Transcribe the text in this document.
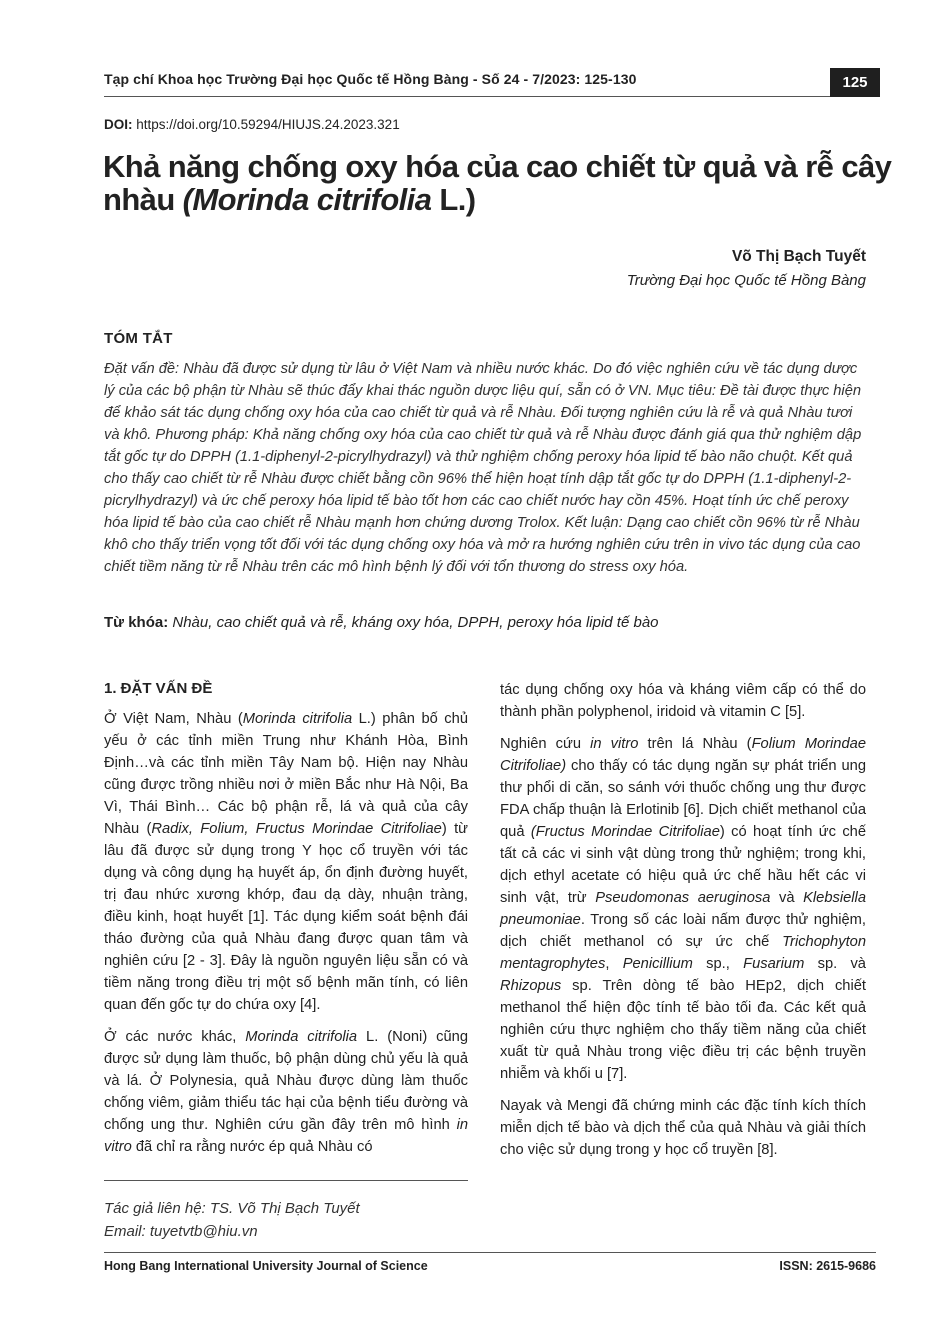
Tạp chí Khoa học Trường Đại học Quốc tế Hồng Bàng - Số 24 - 7/2023: 125-130	125
DOI: https://doi.org/10.59294/HIUJS.24.2023.321
Khả năng chống oxy hóa của cao chiết từ quả và rễ cây nhàu (Morinda citrifolia L.)
Võ Thị Bạch Tuyết
Trường Đại học Quốc tế Hồng Bàng
TÓM TẮT

Đặt vấn đề: Nhàu đã được sử dụng từ lâu ở Việt Nam và nhiều nước khác. Do đó việc nghiên cứu về tác dụng dược lý của các bộ phận từ Nhàu sẽ thúc đẩy khai thác nguồn dược liệu quí, sẵn có ở VN. Mục tiêu: Đề tài được thực hiện để khảo sát tác dụng chống oxy hóa của cao chiết từ quả và rễ Nhàu. Đối tượng nghiên cứu là rễ và quả Nhàu tươi và khô. Phương pháp: Khả năng chống oxy hóa của cao chiết từ quả và rễ Nhàu được đánh giá qua thử nghiệm dập tắt gốc tự do DPPH (1.1-diphenyl-2-picrylhydrazyl) và thử nghiệm chống peroxy hóa lipid tế bào não chuột. Kết quả cho thấy cao chiết từ rễ Nhàu được chiết bằng cồn 96% thể hiện hoạt tính dập tắt gốc tự do DPPH (1.1-diphenyl-2-picrylhydrazyl) và ức chế peroxy hóa lipid tế bào tốt hơn các cao chiết nước hay cồn 45%. Hoạt tính ức chế peroxy hóa lipid tế bào của cao chiết rễ Nhàu mạnh hơn chứng dương Trolox. Kết luận: Dạng cao chiết cồn 96% từ rễ Nhàu khô cho thấy triển vọng tốt đối với tác dụng chống oxy hóa và mở ra hướng nghiên cứu trên in vivo tác dụng của cao chiết tiềm năng từ rễ Nhàu trên các mô hình bệnh lý đối với tổn thương do stress oxy hóa.

Từ khóa: Nhàu, cao chiết quả và rễ, kháng oxy hóa, DPPH, peroxy hóa lipid tế bào
1. ĐẶT VẤN ĐỀ

Ở Việt Nam, Nhàu (Morinda citrifolia L.) phân bố chủ yếu ở các tỉnh miền Trung như Khánh Hòa, Bình Định…và các tỉnh miền Tây Nam bộ. Hiện nay Nhàu cũng được trồng nhiều nơi ở miền Bắc như Hà Nội, Ba Vì, Thái Bình… Các bộ phận rễ, lá và quả của cây Nhàu (Radix, Folium, Fructus Morindae Citrifoliae) từ lâu đã được sử dụng trong Y học cổ truyền với tác dụng và công dụng hạ huyết áp, ổn định đường huyết, trị đau nhức xương khớp, đau dạ dày, nhuận tràng, điều kinh, hoạt huyết [1]. Tác dụng kiểm soát bệnh đái tháo đường của quả Nhàu đang được quan tâm và nghiên cứu [2 - 3]. Đây là nguồn nguyên liệu sẵn có và tiềm năng trong điều trị một số bệnh mãn tính, có liên quan đến gốc tự do chứa oxy [4].

Ở các nước khác, Morinda citrifolia L. (Noni) cũng được sử dụng làm thuốc, bộ phận dùng chủ yếu là quả và lá. Ở Polynesia, quả Nhàu được dùng làm thuốc chống viêm, giảm thiểu tác hại của bệnh tiểu đường và chống ung thư. Nghiên cứu gần đây trên mô hình in vitro đã chỉ ra rằng nước ép quả Nhàu có

tác dụng chống oxy hóa và kháng viêm cấp có thể do thành phần polyphenol, iridoid và vitamin C [5].

Nghiên cứu in vitro trên lá Nhàu (Folium Morindae Citrifoliae) cho thấy có tác dụng ngăn sự phát triển ung thư phổi di căn, so sánh với thuốc chống ung thư được FDA chấp thuận là Erlotinib [6]. Dịch chiết methanol của quả (Fructus Morindae Citrifoliae) có hoạt tính ức chế tất cả các vi sinh vật dùng trong thử nghiệm; trong khi, dịch ethyl acetate có hiệu quả ức chế hầu hết các vi sinh vật, trừ Pseudomonas aeruginosa và Klebsiella pneumoniae. Trong số các loài nấm được thử nghiệm, dịch chiết methanol có sự ức chế Trichophyton mentagrophytes, Penicillium sp., Fusarium sp. và Rhizopus sp. Trên dòng tế bào HEp2, dịch chiết methanol thể hiện độc tính tế bào tối đa. Các kết quả nghiên cứu thực nghiệm cho thấy tiềm năng của chiết xuất từ quả Nhàu trong việc điều trị các bệnh truyền nhiễm và khối u [7].

Nayak và Mengi đã chứng minh các đặc tính kích thích miễn dịch tế bào và dịch thể của quả Nhàu và giải thích cho việc sử dụng trong y học cổ truyền [8].

Tác giả liên hệ: TS. Võ Thị Bạch Tuyết
Email: tuyetvtb@hiu.vn
Hong Bang International University Journal of Science	ISSN: 2615-9686
